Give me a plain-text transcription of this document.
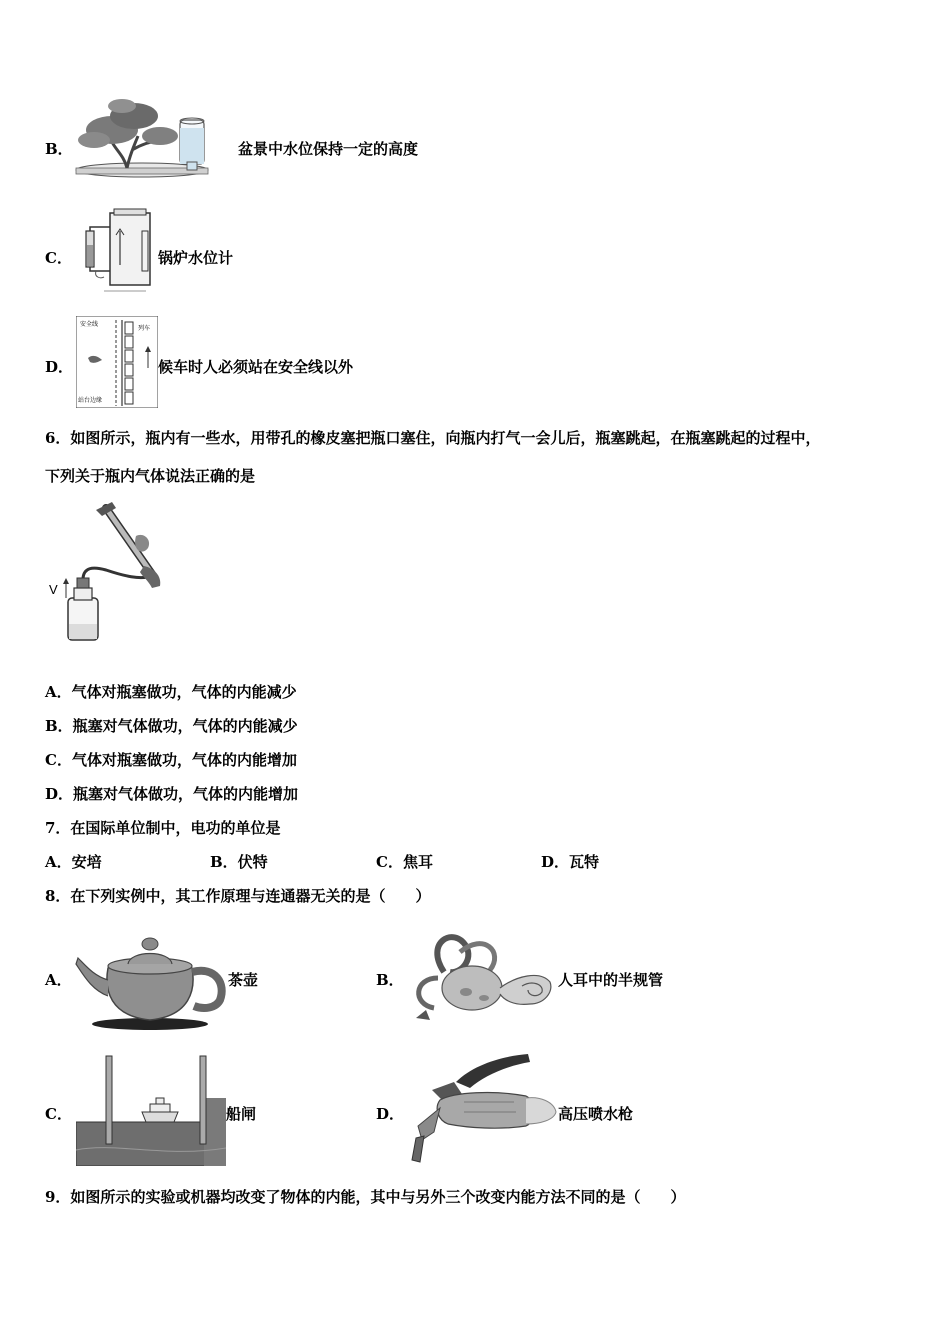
B．	盆景中水位保持一定的高度
C．	锅炉水位计
D．
安全线
列车
站台边缘
候车时人必须站在安全线以外
6．如图所示，瓶内有一些水，用带孔的橡皮塞把瓶口塞住，向瓶内打气一会儿后，瓶塞跳起，在瓶塞跳起的过程中，
下列关于瓶内气体说法正确的是
V
A．气体对瓶塞做功，气体的内能减少
B．瓶塞对气体做功，气体的内能减少
C．气体对瓶塞做功，气体的内能增加
D．瓶塞对气体做功，气体的内能增加
7．在国际单位制中，电功的单位是
A．安培	B．伏特	C．焦耳	D．瓦特
8．在下列实例中，其工作原理与连通器无关的是（　　）
A．	茶壶	B．	人耳中的半规管
C．	船闸	D．	高压喷水枪
9．如图所示的实验或机器均改变了物体的内能，其中与另外三个改变内能方法不同的是（　　）
